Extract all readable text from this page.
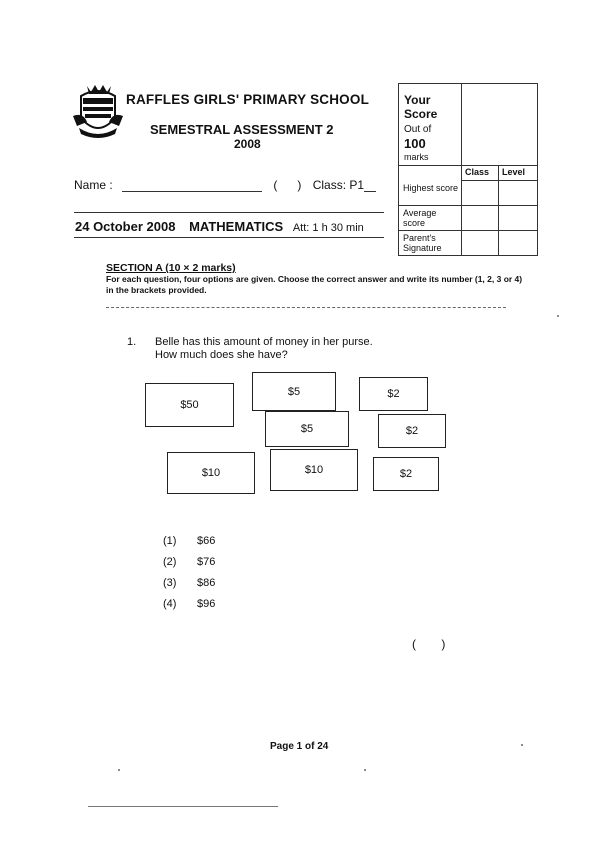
RAFFLES GIRLS' PRIMARY SCHOOL
SEMESTRAL ASSESSMENT 2
2008
Name :	(      ) Class: P1
24 October 2008 MATHEMATICS Att: 1 h 30 min
Your Score
Out of
100
marks
Class Level
Highest score
Average score
Parent's Signature
SECTION A (10 × 2 marks)
For each question, four options are given. Choose the correct answer and write its number (1, 2, 3 or 4) in the brackets provided.
1. Belle has this amount of money in her purse.
How much does she have?
$50
$5	$2
$5	$2
$10	$10	$2
(1) $66
(2) $76
(3) $86
(4) $96
( )
Page 1 of 24
